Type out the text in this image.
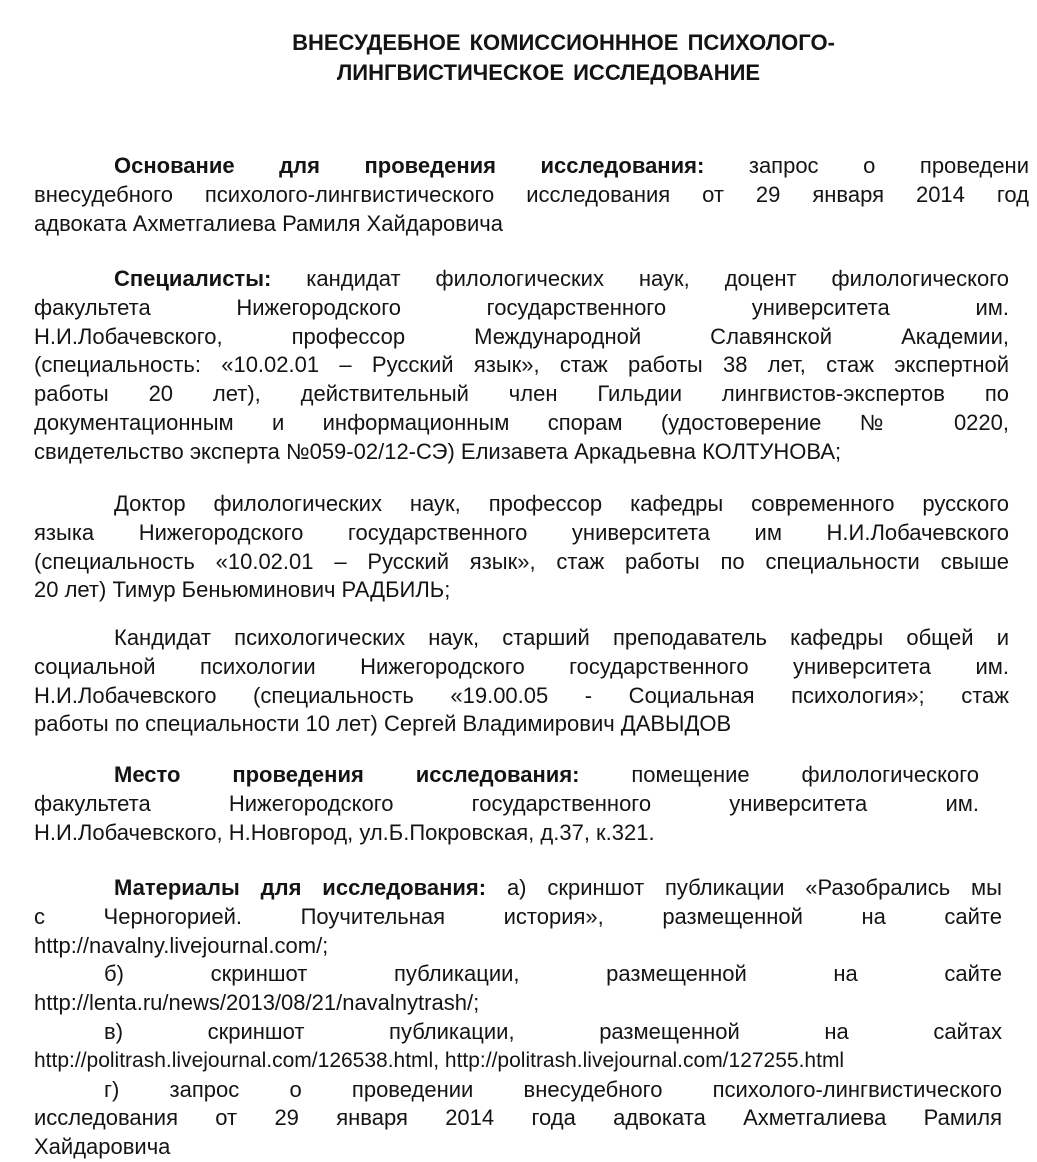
ВНЕСУДЕБНОЕ КОМИССИОНННОЕ ПСИХОЛОГО-
ЛИНГВИСТИЧЕСКОЕ ИССЛЕДОВАНИЕ
Основание для проведения исследования: запрос о проведени
внесудебного психолого-лингвистического исследования от 29 января 2014 год
адвоката Ахметгалиева Рамиля Хайдаровича
Специалисты: кандидат филологических наук, доцент филологического
факультета Нижегородского государственного университета им.
Н.И.Лобачевского, профессор Международной Славянской Академии,
(специальность: «10.02.01 – Русский язык», стаж работы 38 лет, стаж экспертной
работы 20 лет), действительный член Гильдии лингвистов-экспертов по
документационным и информационным спорам (удостоверение № 0220,
свидетельство эксперта №059-02/12-СЭ) Елизавета Аркадьевна КОЛТУНОВА;
Доктор филологических наук, профессор кафедры современного русского
языка Нижегородского государственного университета им Н.И.Лобачевского
(специальность «10.02.01 – Русский язык», стаж работы по специальности свыше
20 лет) Тимур Беньюминович РАДБИЛЬ;
Кандидат психологических наук, старший преподаватель кафедры общей и
социальной психологии Нижегородского государственного университета им.
Н.И.Лобачевского (специальность «19.00.05 - Социальная психология»; стаж
работы по специальности 10 лет) Сергей Владимирович ДАВЫДОВ
Место проведения исследования: помещение филологического
факультета Нижегородского государственного университета им.
Н.И.Лобачевского, Н.Новгород, ул.Б.Покровская, д.37, к.321.
Материалы для исследования: а) скриншот публикации «Разобрались мы
с Черногорией. Поучительная история», размещенной на сайте
http://navalny.livejournal.com/;
б) скриншот публикации, размещенной на сайте
http://lenta.ru/news/2013/08/21/navalnytrash/;
в) скриншот публикации, размещенной на сайтах
http://politrash.livejournal.com/126538.html, http://politrash.livejournal.com/127255.html
г) запрос о проведении внесудебного психолого-лингвистического
исследования от 29 января 2014 года адвоката Ахметгалиева Рамиля
Хайдаровича
